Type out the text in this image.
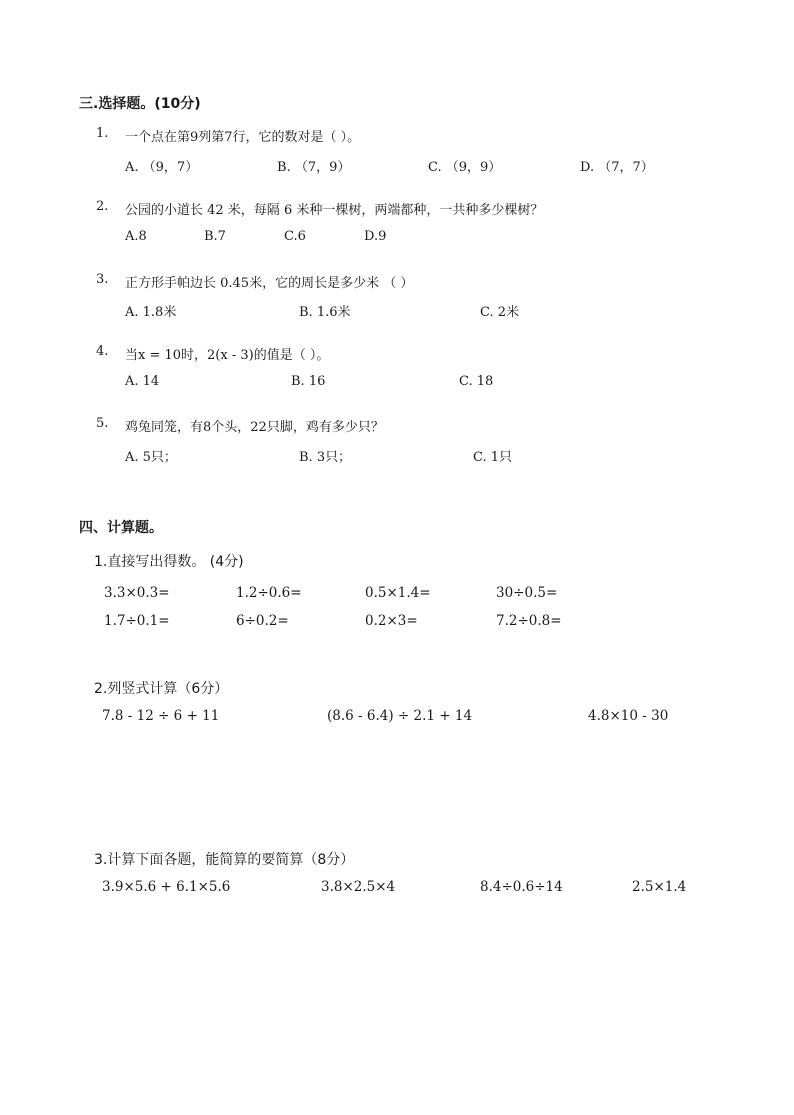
三.选择题。(10分)
1. 一个点在第9列第7行，它的数对是（ ）。
A. （9，7）	B. （7，9）	C. （9，9）	D. （7，7）
2. 公园的小道长 42 米，每隔 6 米种一棵树，两端都种，一共种多少棵树？
A.8	B.7	C.6	D.9
3. 正方形手帕边长 0.45米，它的周长是多少米 （ ）
A. 1.8米	B. 1.6米	C. 2米
4. 当x = 10时，2(x - 3)的值是（ ）。
A. 14	B. 16	C. 18
5. 鸡兔同笼，有8个头，22只脚，鸡有多少只？
A. 5只；	B. 3只；	C. 1只
四、计算题。
1.直接写出得数。 (4分)
3.3×0.3=	1.2÷0.6=	0.5×1.4=	30÷0.5=
1.7÷0.1=	6÷0.2=	0.2×3=	7.2÷0.8=
2.列竖式计算（6分）
7.8 - 12 ÷ 6 + 11	(8.6 - 6.4) ÷ 2.1 + 14	4.8×10 - 30
3.计算下面各题，能简算的要简算（8分）
3.9×5.6 + 6.1×5.6	3.8×2.5×4	8.4÷0.6÷14	2.5×1.4
